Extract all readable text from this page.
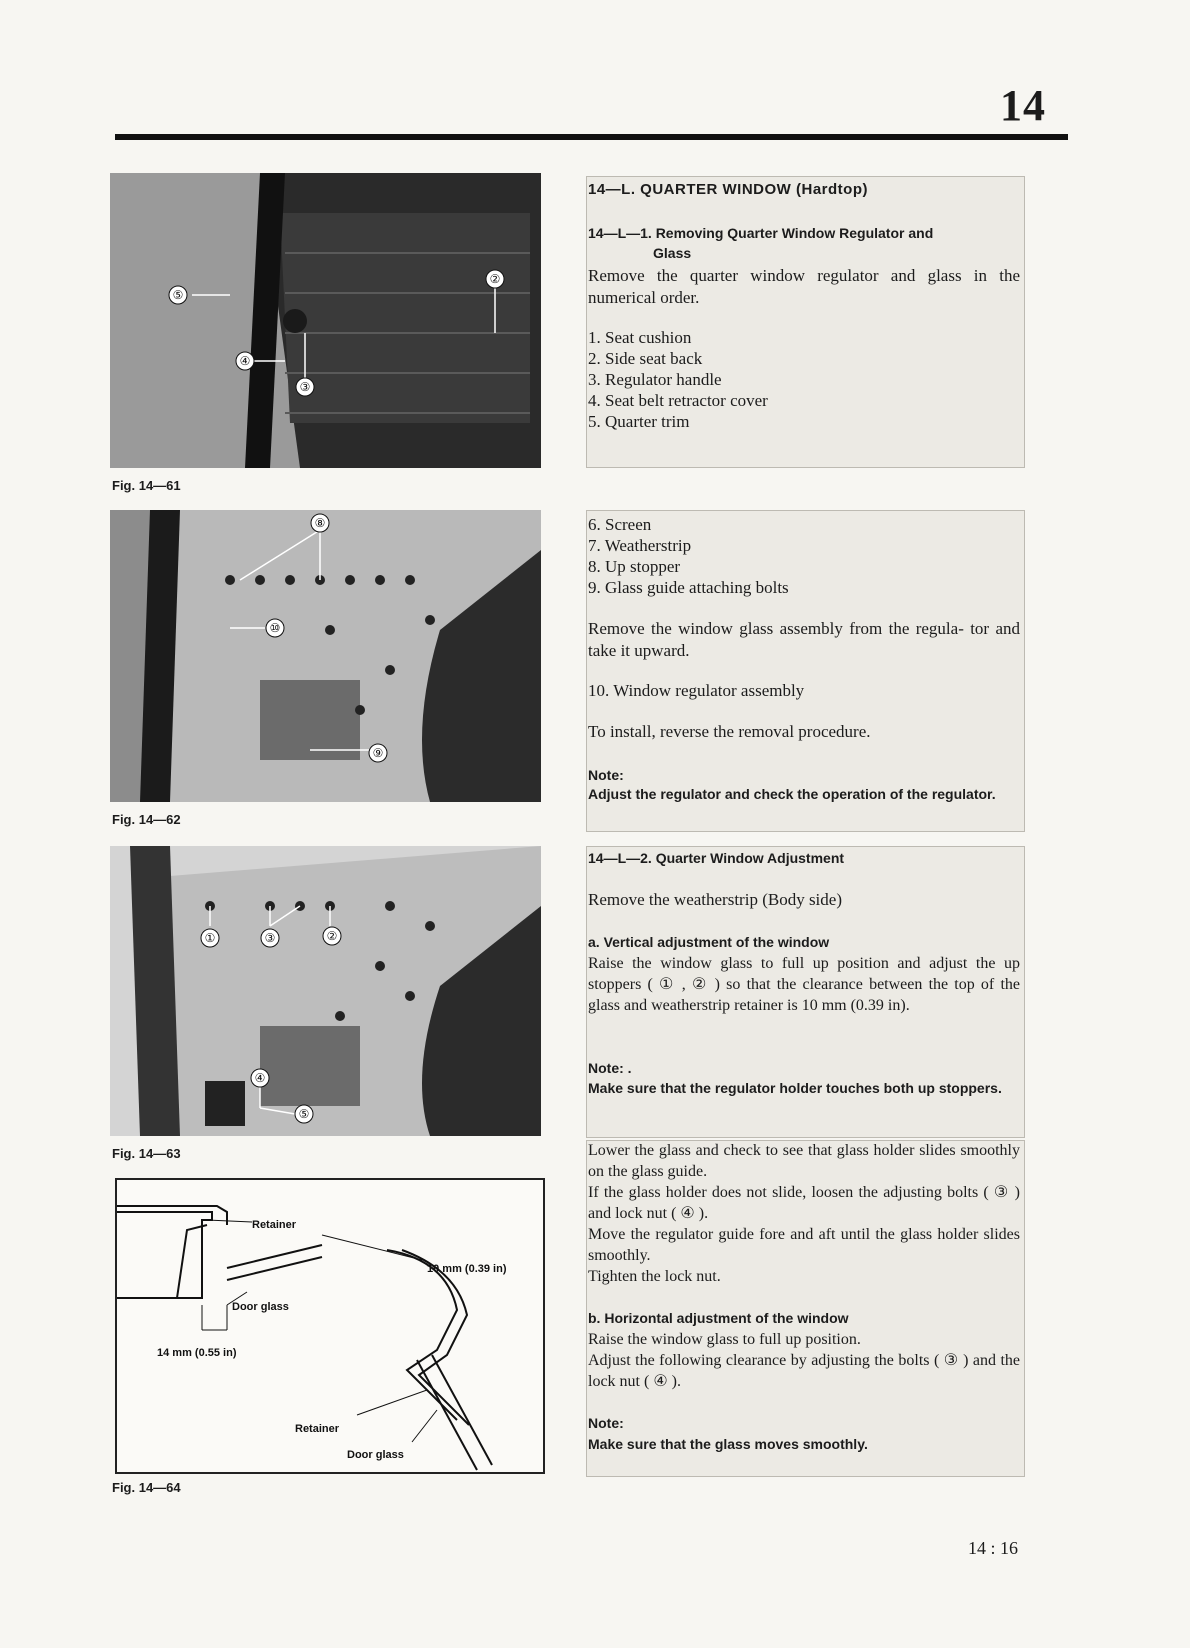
14
⑤
②
④
③
Fig. 14—61
⑧
⑩
⑨
Fig. 14—62
①	③	②
④
⑤
Fig. 14—63
Retainer
10 mm (0.39 in)
Door glass
14 mm (0.55 in)
Retainer
Door glass
Fig. 14—64
14—L. QUARTER WINDOW (Hardtop)
14—L—1. Removing Quarter Window Regulator and
Glass
Remove the quarter window regulator and glass in the numerical order.
1. Seat cushion
2. Side seat back
3. Regulator handle
4. Seat belt retractor cover
5. Quarter trim
6. Screen
7. Weatherstrip
8. Up stopper
9. Glass guide attaching bolts
Remove the window glass assembly from the regula- tor and take it upward.
10. Window regulator assembly
To install, reverse the removal procedure.
Note:
Adjust the regulator and check the operation of the regulator.
14—L—2. Quarter Window Adjustment
Remove the weatherstrip (Body side)
a. Vertical adjustment of the window
Raise the window glass to full up position and adjust the up stoppers ( ① , ② ) so that the clearance between the top of the glass and weatherstrip retainer is 10 mm (0.39 in).
Note: .
Make sure that the regulator holder touches both up stoppers.
Lower the glass and check to see that glass holder slides smoothly on the glass guide.
If the glass holder does not slide, loosen the adjusting bolts ( ③ ) and lock nut ( ④ ).
Move the regulator guide fore and aft until the glass holder slides smoothly.
Tighten the lock nut.
b. Horizontal adjustment of the window
Raise the window glass to full up position.
Adjust the following clearance by adjusting the bolts ( ③ ) and the lock nut ( ④ ).
Note:
Make sure that the glass moves smoothly.
14 : 16
